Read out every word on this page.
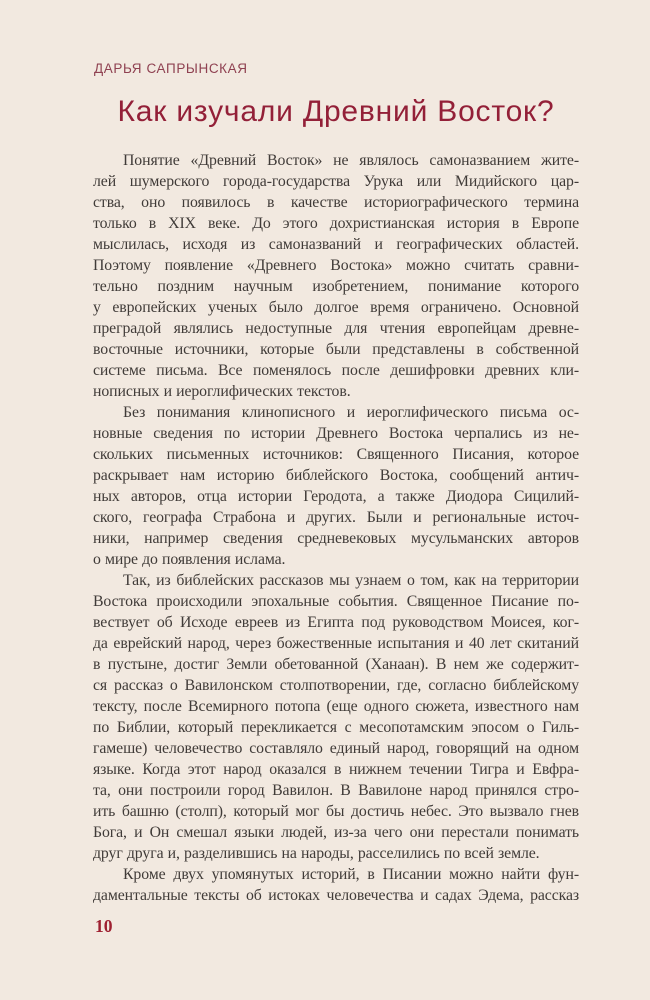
ДАРЬЯ САПРЫНСКАЯ
Как изучали Древний Восток?
Понятие «Древний Восток» не являлось самоназванием жите-
лей шумерского города-государства Урука или Мидийского цар-
ства, оно появилось в качестве историографического термина
только в XIX веке. До этого дохристианская история в Европе
мыслилась, исходя из самоназваний и географических областей.
Поэтому появление «Древнего Востока» можно считать сравни-
тельно поздним научным изобретением, понимание которого
у европейских ученых было долгое время ограничено. Основной
преградой являлись недоступные для чтения европейцам древне-
восточные источники, которые были представлены в собственной
системе письма. Все поменялось после дешифровки древних кли-
нописных и иероглифических текстов.
Без понимания клинописного и иероглифического письма ос-
новные сведения по истории Древнего Востока черпались из не-
скольких письменных источников: Священного Писания, которое
раскрывает нам историю библейского Востока, сообщений антич-
ных авторов, отца истории Геродота, а также Диодора Сицилий-
ского, географа Страбона и других. Были и региональные источ-
ники, например сведения средневековых мусульманских авторов
о мире до появления ислама.
Так, из библейских рассказов мы узнаем о том, как на территории
Востока происходили эпохальные события. Священное Писание по-
вествует об Исходе евреев из Египта под руководством Моисея, ког-
да еврейский народ, через божественные испытания и 40 лет скитаний
в пустыне, достиг Земли обетованной (Ханаан). В нем же содержит-
ся рассказ о Вавилонском столпотворении, где, согласно библейскому
тексту, после Всемирного потопа (еще одного сюжета, известного нам
по Библии, который перекликается с месопотамским эпосом о Гиль-
гамеше) человечество составляло единый народ, говорящий на одном
языке. Когда этот народ оказался в нижнем течении Тигра и Евфра-
та, они построили город Вавилон. В Вавилоне народ принялся стро-
ить башню (столп), который мог бы достичь небес. Это вызвало гнев
Бога, и Он смешал языки людей, из-за чего они перестали понимать
друг друга и, разделившись на народы, расселились по всей земле.
Кроме двух упомянутых историй, в Писании можно найти фун-
даментальные тексты об истоках человечества и садах Эдема, рассказ
10
